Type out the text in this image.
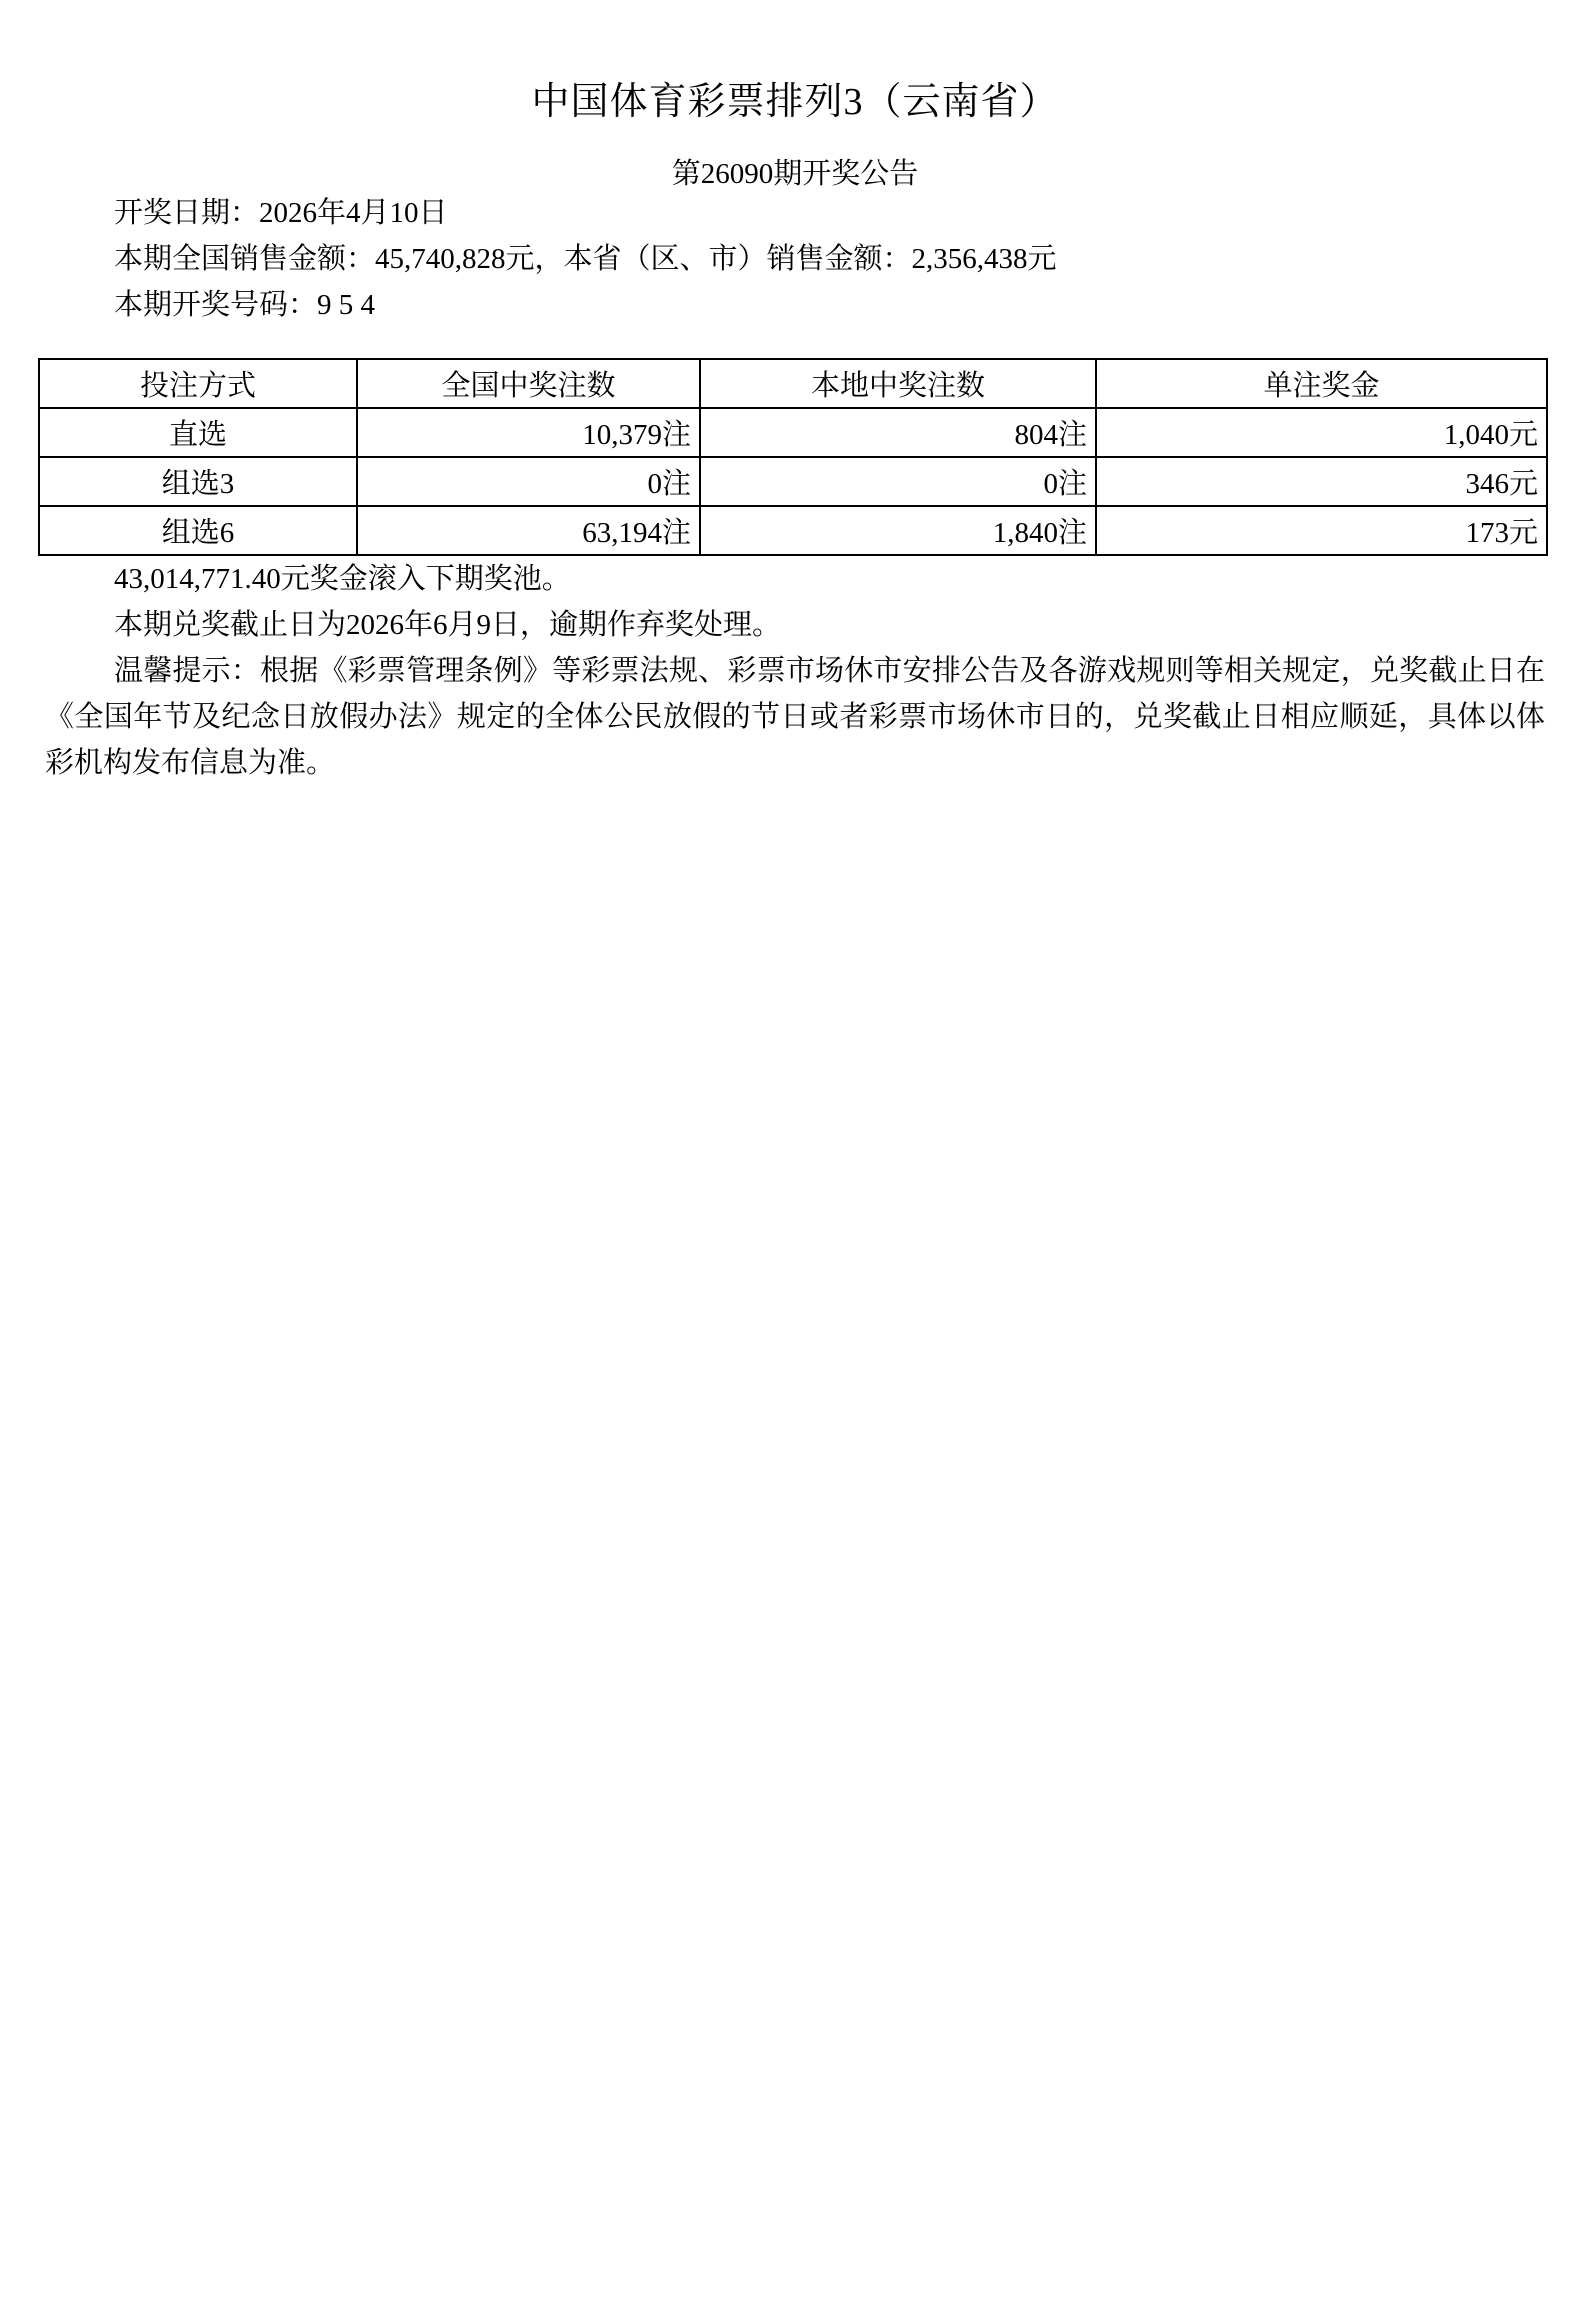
中国体育彩票排列3（云南省）
第26090期开奖公告

开奖日期：2026年4月10日

本期全国销售金额：45,740,828元，本省（区、市）销售金额：2,356,438元

本期开奖号码：9 5 4

投注方式	全国中奖注数	本地中奖注数	单注奖金
直选	10,379注	804注	1,040元
组选3	0注	0注	346元
组选6	63,194注	1,840注	173元

43,014,771.40元奖金滚入下期奖池。

本期兑奖截止日为2026年6月9日，逾期作弃奖处理。

温馨提示：根据《彩票管理条例》等彩票法规、彩票市场休市安排公告及各游戏规则等相关规定，兑奖截止日在《全国年节及纪念日放假办法》规定的全体公民放假的节日或者彩票市场休市日的，兑奖截止日相应顺延，具体以体彩机构发布信息为准。
